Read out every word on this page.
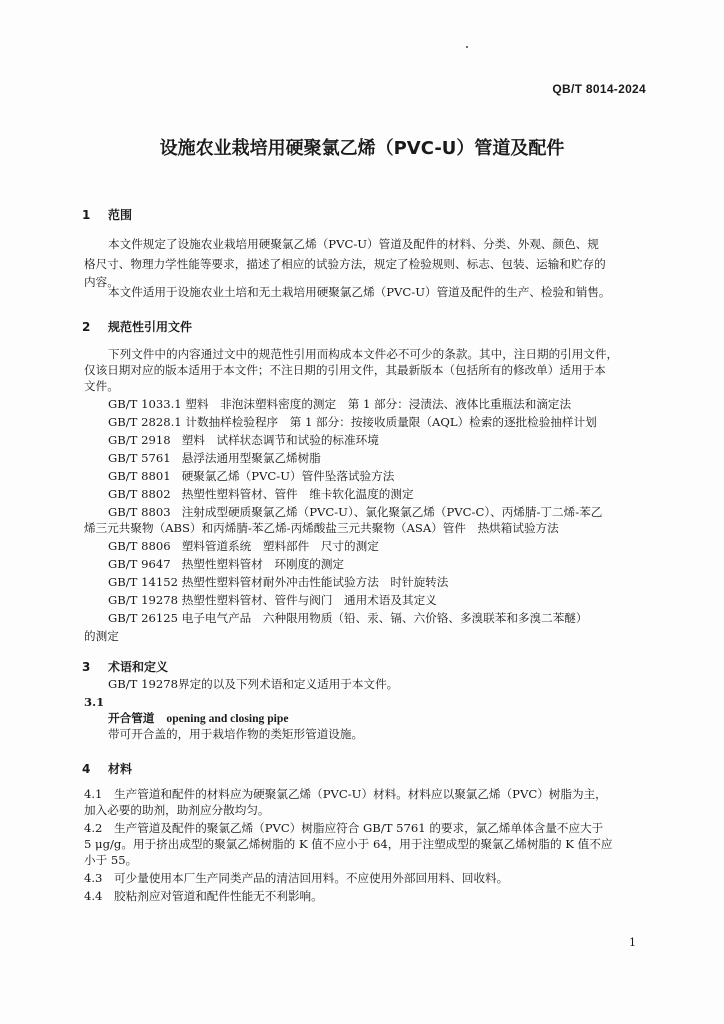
QB/T 8014-2024
设施农业栽培用硬聚氯乙烯（PVC-U）管道及配件
1 范围
本文件规定了设施农业栽培用硬聚氯乙烯（PVC-U）管道及配件的材料、分类、外观、颜色、规
格尺寸、物理力学性能等要求，描述了相应的试验方法，规定了检验规则、标志、包装、运输和贮存的
内容。
本文件适用于设施农业土培和无土栽培用硬聚氯乙烯（PVC-U）管道及配件的生产、检验和销售。
2 规范性引用文件
下列文件中的内容通过文中的规范性引用而构成本文件必不可少的条款。其中，注日期的引用文件，
仅该日期对应的版本适用于本文件；不注日期的引用文件，其最新版本（包括所有的修改单）适用于本
文件。
GB/T 1033.1 塑料　非泡沫塑料密度的测定　第 1 部分：浸渍法、液体比重瓶法和滴定法
GB/T 2828.1 计数抽样检验程序　第 1 部分：按接收质量限（AQL）检索的逐批检验抽样计划
GB/T 2918 塑料　试样状态调节和试验的标准环境
GB/T 5761 悬浮法通用型聚氯乙烯树脂
GB/T 8801 硬聚氯乙烯（PVC-U）管件坠落试验方法
GB/T 8802 热塑性塑料管材、管件　维卡软化温度的测定
GB/T 8803 注射成型硬质聚氯乙烯（PVC-U）、氯化聚氯乙烯（PVC-C）、丙烯腈-丁二烯-苯乙
烯三元共聚物（ABS）和丙烯腈-苯乙烯-丙烯酸盐三元共聚物（ASA）管件　热烘箱试验方法
GB/T 8806 塑料管道系统　塑料部件　尺寸的测定
GB/T 9647 热塑性塑料管材　环刚度的测定
GB/T 14152 热塑性塑料管材耐外冲击性能试验方法　时针旋转法
GB/T 19278 热塑性塑料管材、管件与阀门　通用术语及其定义
GB/T 26125 电子电气产品　六种限用物质（铅、汞、镉、六价铬、多溴联苯和多溴二苯醚）
的测定
3 术语和定义
GB/T 19278界定的以及下列术语和定义适用于本文件。
3.1
开合管道 opening and closing pipe
带可开合盖的，用于栽培作物的类矩形管道设施。
4 材料
4.1　生产管道和配件的材料应为硬聚氯乙烯（PVC-U）材料。材料应以聚氯乙烯（PVC）树脂为主，
加入必要的助剂，助剂应分散均匀。
4.2　生产管道及配件的聚氯乙烯（PVC）树脂应符合 GB/T 5761 的要求，氯乙烯单体含量不应大于
5 μg/g。用于挤出成型的聚氯乙烯树脂的 K 值不应小于 64，用于注塑成型的聚氯乙烯树脂的 K 值不应
小于 55。
4.3　可少量使用本厂生产同类产品的清洁回用料。不应使用外部回用料、回收料。
4.4　胶粘剂应对管道和配件性能无不利影响。
1
